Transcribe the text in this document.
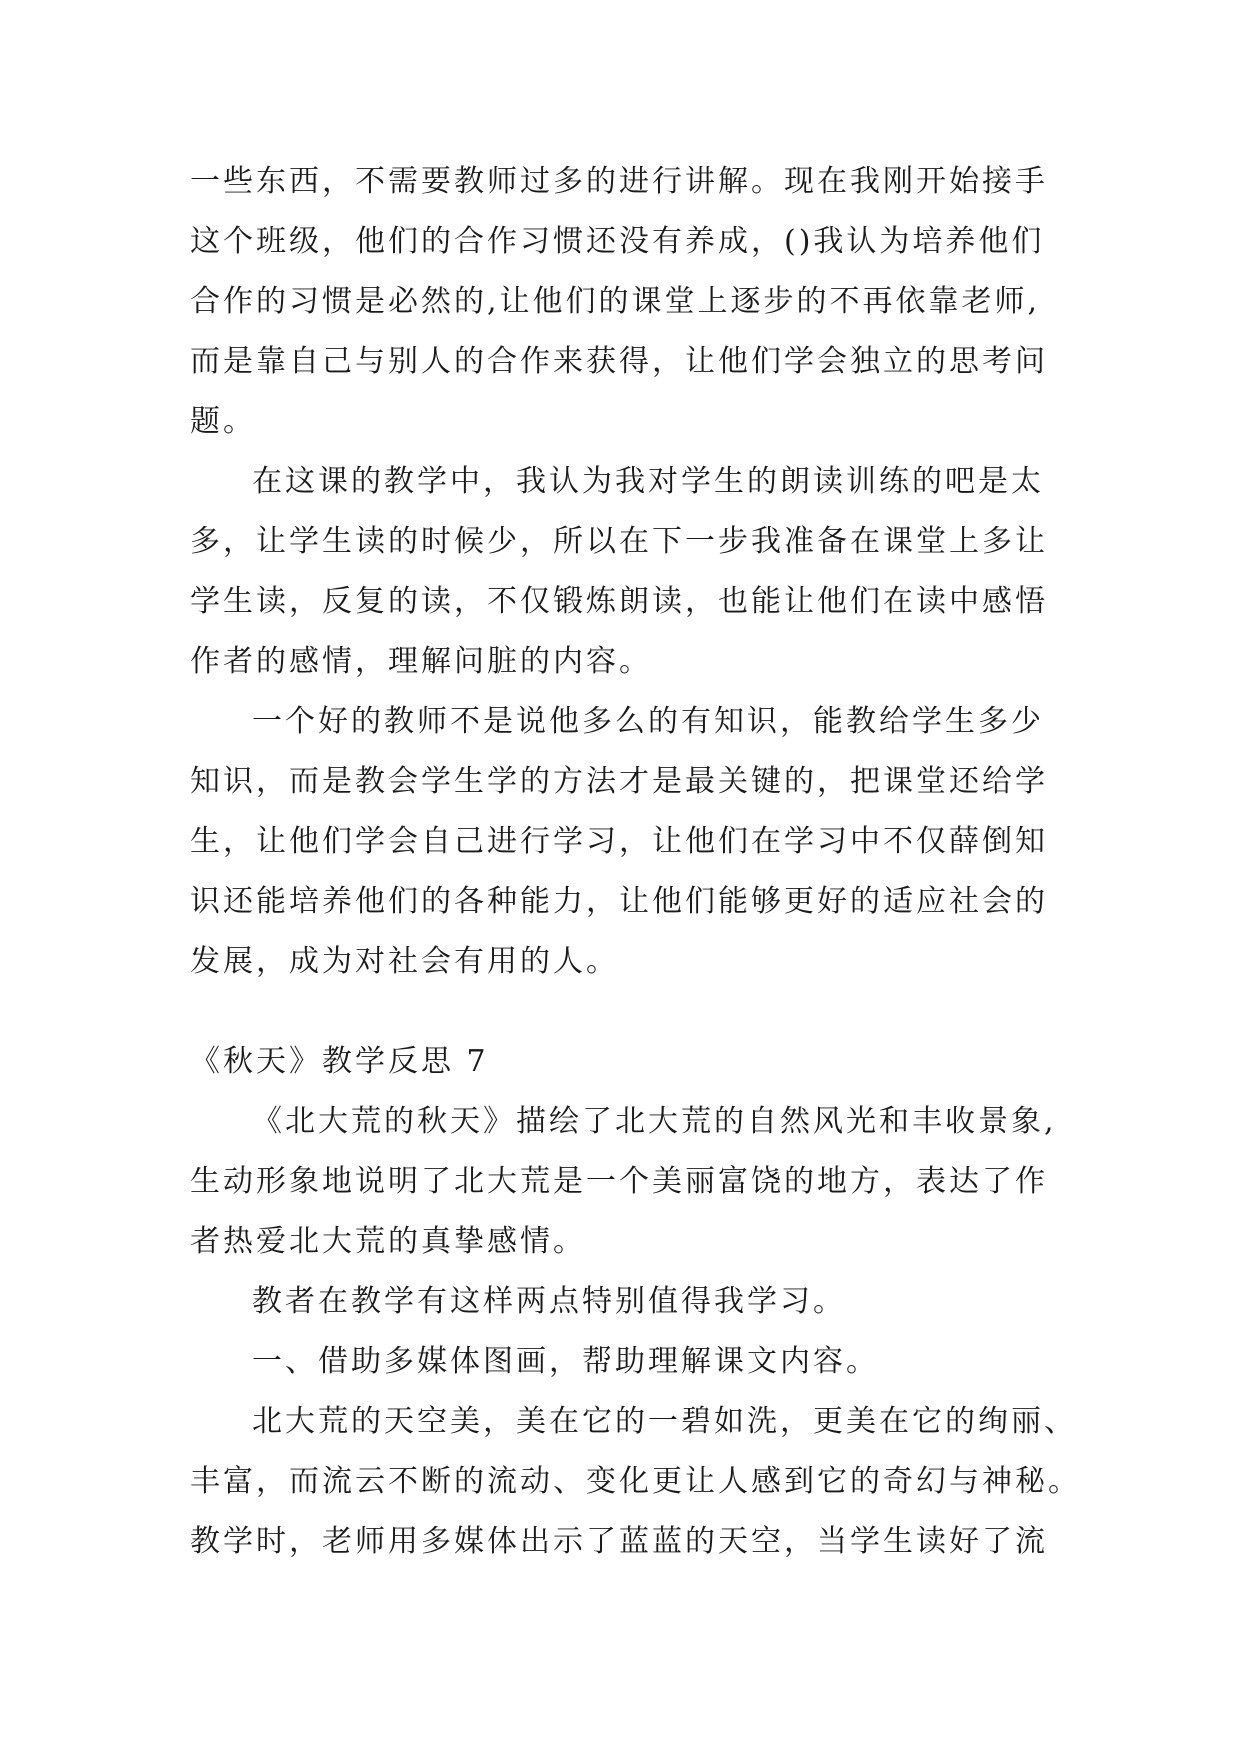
一些东西，不需要教师过多的进行讲解。现在我刚开始接手
这个班级，他们的合作习惯还没有养成，()我认为培养他们
合作的习惯是必然的,让他们的课堂上逐步的不再依靠老师,
而是靠自己与别人的合作来获得，让他们学会独立的思考问
题。
在这课的教学中，我认为我对学生的朗读训练的吧是太
多，让学生读的时候少，所以在下一步我准备在课堂上多让
学生读，反复的读，不仅锻炼朗读，也能让他们在读中感悟
作者的感情，理解问脏的内容。
一个好的教师不是说他多么的有知识，能教给学生多少
知识，而是教会学生学的方法才是最关键的，把课堂还给学
生，让他们学会自己进行学习，让他们在学习中不仅薛倒知
识还能培养他们的各种能力，让他们能够更好的适应社会的
发展，成为对社会有用的人。
《秋天》教学反思 7
《北大荒的秋天》描绘了北大荒的自然风光和丰收景象,
生动形象地说明了北大荒是一个美丽富饶的地方，表达了作
者热爱北大荒的真挚感情。
教者在教学有这样两点特别值得我学习。
一、借助多媒体图画，帮助理解课文内容。
北大荒的天空美，美在它的一碧如洗，更美在它的绚丽、
丰富，而流云不断的流动、变化更让人感到它的奇幻与神秘。
教学时，老师用多媒体出示了蓝蓝的天空，当学生读好了流
